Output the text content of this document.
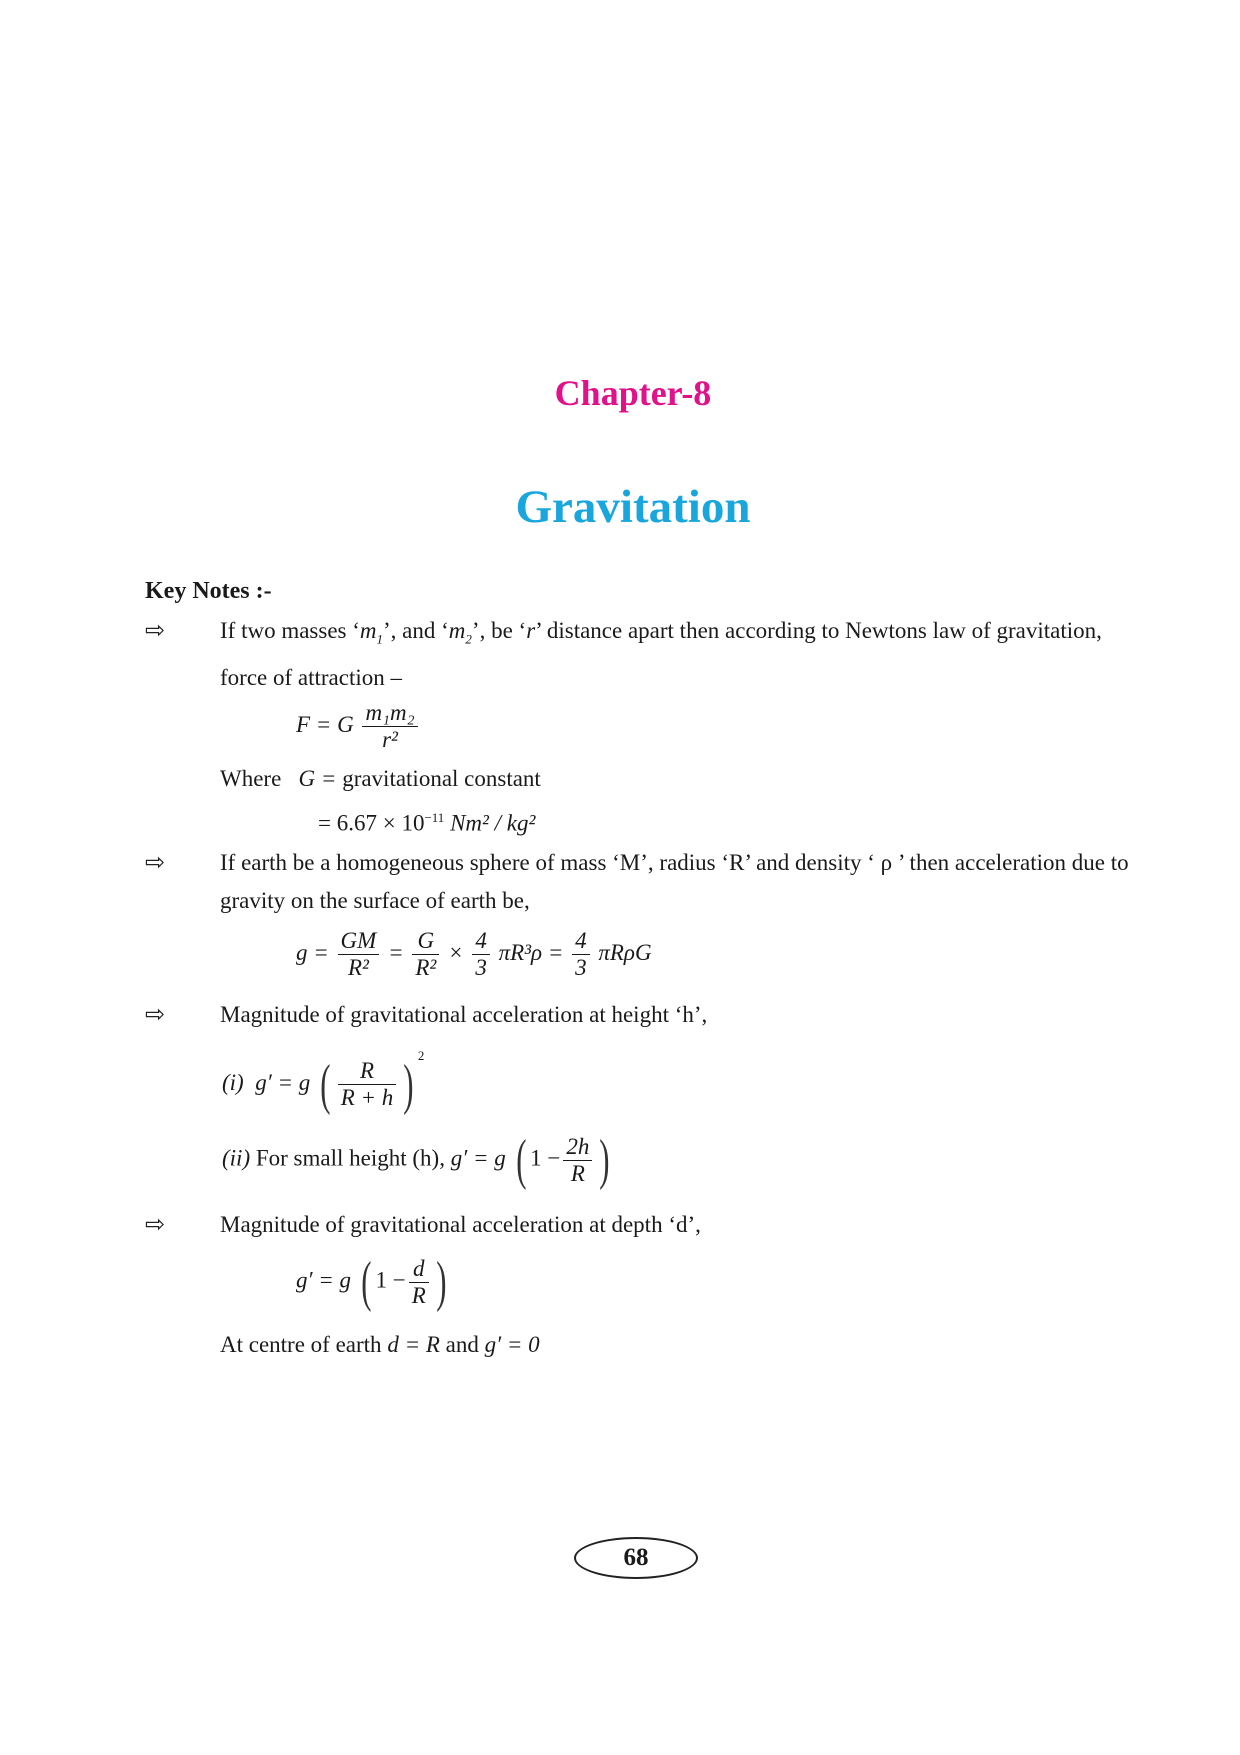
Chapter-8
Gravitation
Key Notes :-
⇨ If two masses ‘$m_1$’, and ‘$m_2$’, be ‘r’ distance apart then according to Newtons law of gravitation,
force of attraction –
F = G $\frac{\text{m₁m₂}}{\text{r²}}$
Where G = gravitational constant
= $6.67 \times 10^{-11}$ Nm² / kg²
⇨ If earth be a homogeneous sphere of mass ‘M’, radius ‘R’ and density ‘ ρ ’ then acceleration due to
gravity on the surface of earth be,
$g = \frac{GM}{\text{R²}} = \frac{G}{\text{R²}} \times \frac{4}{3} \pi R^3\rho = \frac{4}{3}$ πRρG
⇨ Magnitude of gravitational acceleration at height ‘h’,
(i) g′ = g ( $\frac{R}{R + h}$ ) $^2$
(ii) For small height (h), g′ = g ( $1 - \frac{2h}{R}$ )
⇨ Magnitude of gravitational acceleration at depth ‘d’,
g′ = g ( $1 - \frac{d}{R}$ )
At centre of earth d = R and g′ = 0
68
